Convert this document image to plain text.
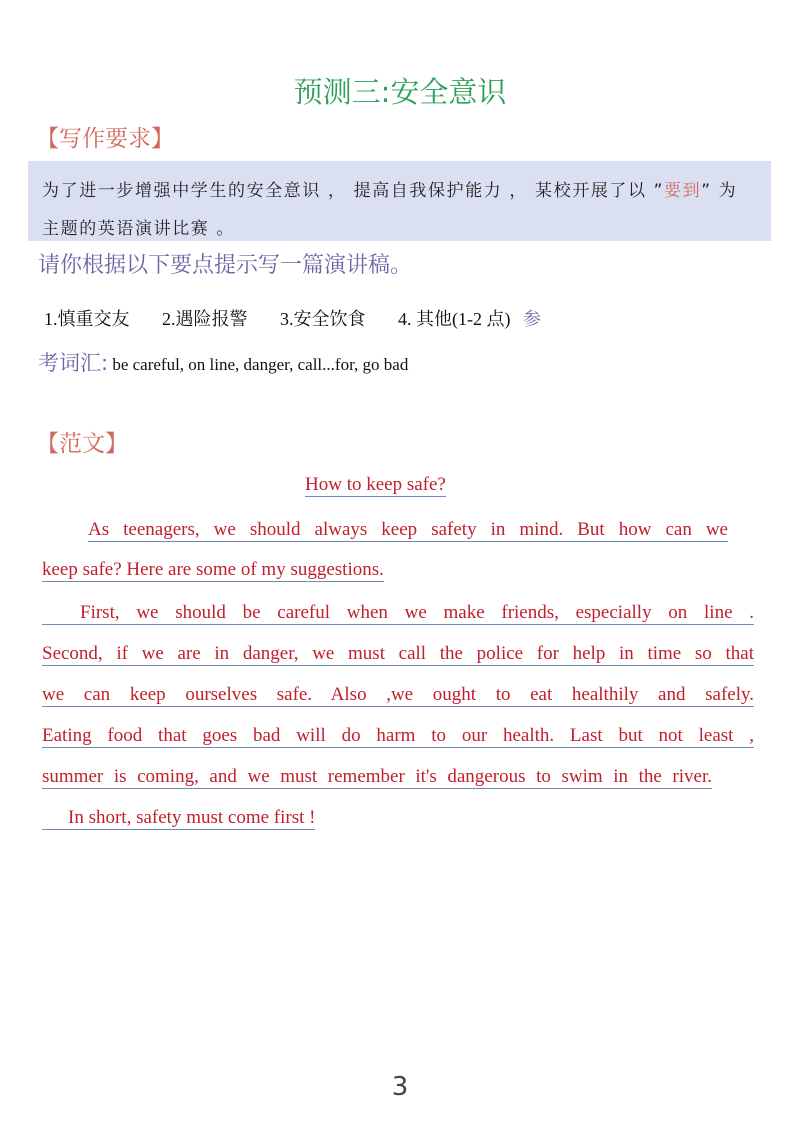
预测三:安全意识
【写作要求】
为了进一步增强中学生的安全意识 ， 提高自我保护能力 ， 某校开展了以 ”要到” 为
主题的英语演讲比赛 。
请你根据以下要点提示写一篇演讲稿。
1.慎重交友 2.遇险报警 3.安全饮食 4. 其他(1-2 点) 参
考词汇: be careful, on line, danger, call...for, go bad
【范文】
How to keep safe?
As teenagers, we should always keep safety in mind. But how can we
keep safe? Here are some of my suggestions.
First, we should be careful when we make friends, especially on line .
Second, if we are in danger, we must call the police for help in time so that
we can keep ourselves safe. Also ,we ought to eat healthily and safely.
Eating food that goes bad will do harm to our health. Last but not least ,
summer is coming, and we must remember it's dangerous to swim in the river.
In short, safety must come first !
3
